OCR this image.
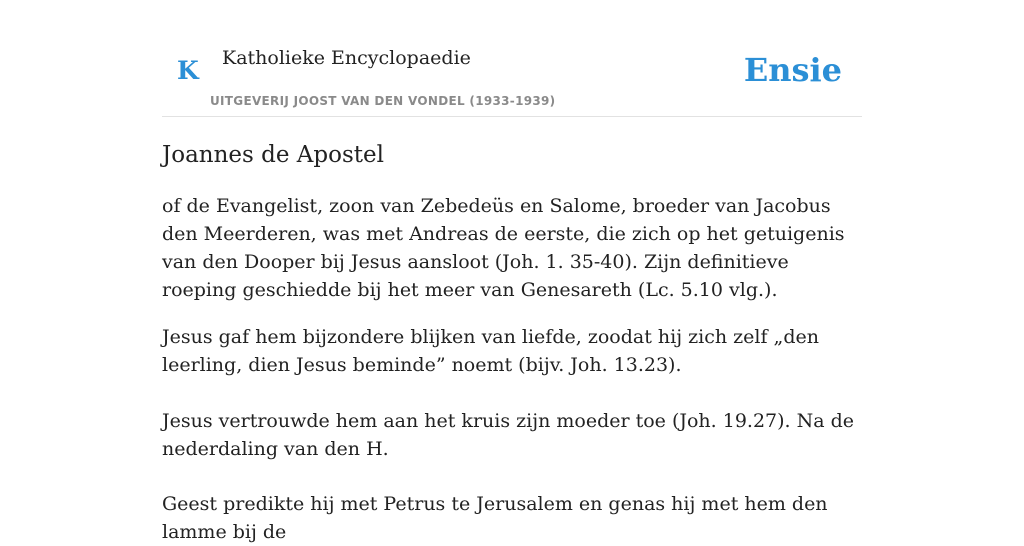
K Katholieke Encyclopaedie
UITGEVERIJ JOOST VAN DEN VONDEL (1933-1939)
Ensie
Joannes de Apostel

of de Evangelist, zoon van Zebedeüs en Salome, broeder van Jacobus den Meerderen, was met Andreas de eerste, die zich op het getuigenis van den Dooper bij Jesus aansloot (Joh. 1. 35-40). Zijn definitieve roeping geschiedde bij het meer van Genesareth (Lc. 5.10 vlg.).

Jesus gaf hem bijzondere blijken van liefde, zoodat hij zich zelf „den leerling, dien Jesus beminde” noemt (bijv. Joh. 13.23).

Jesus vertrouwde hem aan het kruis zijn moeder toe (Joh. 19.27). Na de nederdaling van den H.

Geest predikte hij met Petrus te Jerusalem en genas hij met hem den lamme bij de
